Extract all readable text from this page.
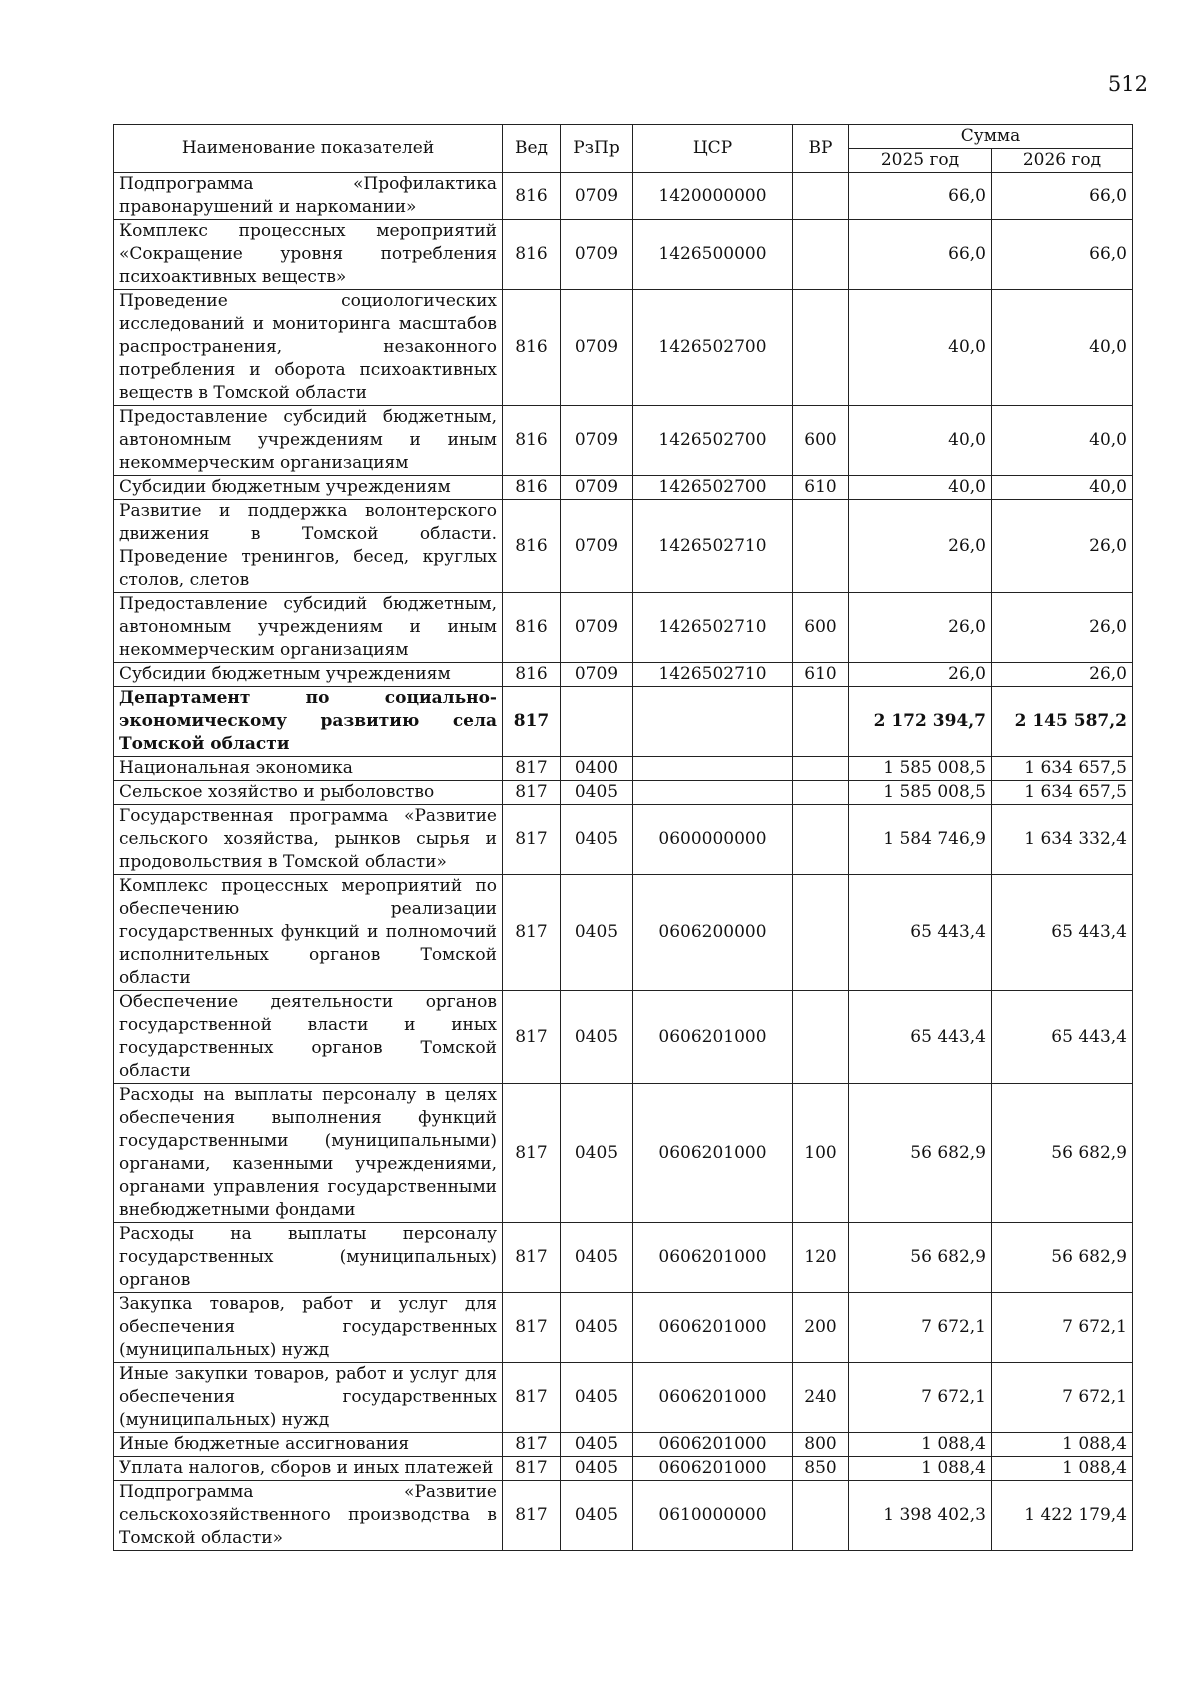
512
Наименование показателей	Вед	РзПр	ЦСР	ВР	Сумма	
					2025 год	2026 год
Подпрограмма «Профилактика правонарушений и наркомании»	816	0709	1420000000		66,0	66,0
Комплекс процессных мероприятий «Сокращение уровня потребления психоактивных веществ»	816	0709	1426500000		66,0	66,0
Проведение социологических исследований и мониторинга масштабов распространения, незаконного потребления и оборота психоактивных веществ в Томской области	816	0709	1426502700		40,0	40,0
Предоставление субсидий бюджетным, автономным учреждениям и иным некоммерческим организациям	816	0709	1426502700	600	40,0	40,0
Субсидии бюджетным учреждениям	816	0709	1426502700	610	40,0	40,0
Развитие и поддержка волонтерского движения в Томской области. Проведение тренингов, бесед, круглых столов, слетов	816	0709	1426502710		26,0	26,0
Предоставление субсидий бюджетным, автономным учреждениям и иным некоммерческим организациям	816	0709	1426502710	600	26,0	26,0
Субсидии бюджетным учреждениям	816	0709	1426502710	610	26,0	26,0
Департамент по социально-экономическому развитию села Томской области	817				2 172 394,7	2 145 587,2
Национальная экономика	817	0400			1 585 008,5	1 634 657,5
Сельское хозяйство и рыболовство	817	0405			1 585 008,5	1 634 657,5
Государственная программа «Развитие сельского хозяйства, рынков сырья и продовольствия в Томской области»	817	0405	0600000000		1 584 746,9	1 634 332,4
Комплекс процессных мероприятий по обеспечению реализации государственных функций и полномочий исполнительных органов Томской области	817	0405	0606200000		65 443,4	65 443,4
Обеспечение деятельности органов государственной власти и иных государственных органов Томской области	817	0405	0606201000		65 443,4	65 443,4
Расходы на выплаты персоналу в целях обеспечения выполнения функций государственными (муниципальными) органами, казенными учреждениями, органами управления государственными внебюджетными фондами	817	0405	0606201000	100	56 682,9	56 682,9
Расходы на выплаты персоналу государственных (муниципальных) органов	817	0405	0606201000	120	56 682,9	56 682,9
Закупка товаров, работ и услуг для обеспечения государственных (муниципальных) нужд	817	0405	0606201000	200	7 672,1	7 672,1
Иные закупки товаров, работ и услуг для обеспечения государственных (муниципальных) нужд	817	0405	0606201000	240	7 672,1	7 672,1
Иные бюджетные ассигнования	817	0405	0606201000	800	1 088,4	1 088,4
Уплата налогов, сборов и иных платежей	817	0405	0606201000	850	1 088,4	1 088,4
Подпрограмма «Развитие сельскохозяйственного производства в Томской области»	817	0405	0610000000		1 398 402,3	1 422 179,4
